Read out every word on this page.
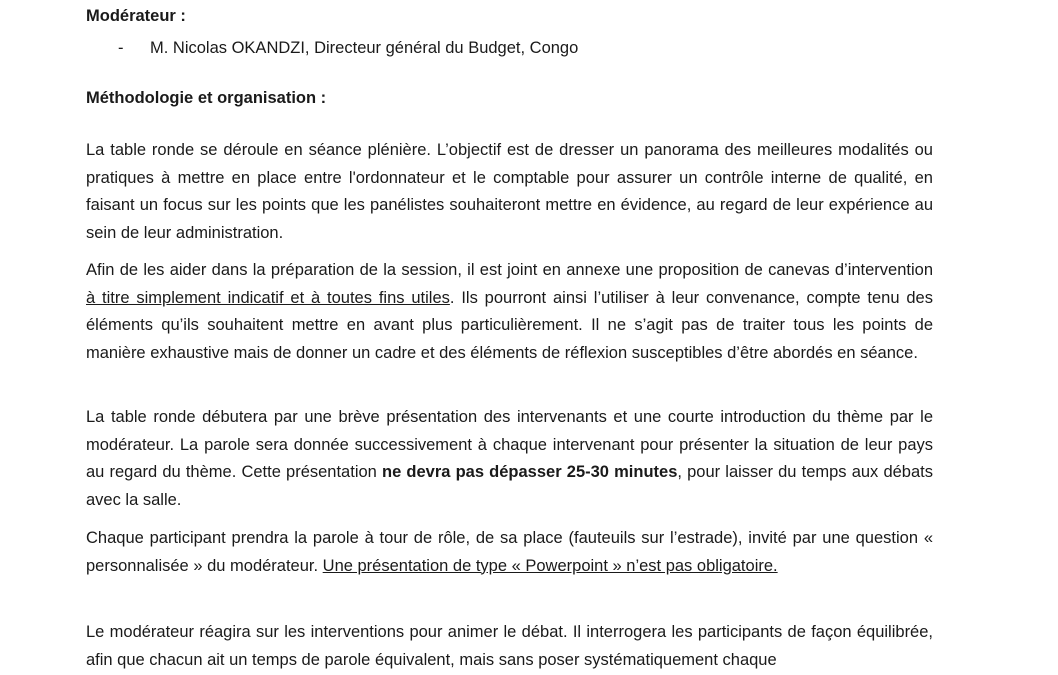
Modérateur :
- M. Nicolas OKANDZI, Directeur général du Budget, Congo
Méthodologie et organisation :

La table ronde se déroule en séance plénière. L’objectif est de dresser un panorama des meilleures modalités ou pratiques à mettre en place entre l'ordonnateur et le comptable pour assurer un contrôle interne de qualité, en faisant un focus sur les points que les panélistes souhaiteront mettre en évidence, au regard de leur expérience au sein de leur administration.

Afin de les aider dans la préparation de la session, il est joint en annexe une proposition de canevas d’intervention à titre simplement indicatif et à toutes fins utiles. Ils pourront ainsi l’utiliser à leur convenance, compte tenu des éléments qu’ils souhaitent mettre en avant plus particulièrement. Il ne s’agit pas de traiter tous les points de manière exhaustive mais de donner un cadre et des éléments de réflexion susceptibles d’être abordés en séance.

La table ronde débutera par une brève présentation des intervenants et une courte introduction du thème par le modérateur. La parole sera donnée successivement à chaque intervenant pour présenter la situation de leur pays au regard du thème. Cette présentation ne devra pas dépasser 25-30 minutes, pour laisser du temps aux débats avec la salle.

Chaque participant prendra la parole à tour de rôle, de sa place (fauteuils sur l’estrade), invité par une question « personnalisée » du modérateur. Une présentation de type « Powerpoint » n’est pas obligatoire.

Le modérateur réagira sur les interventions pour animer le débat. Il interrogera les participants de façon équilibrée, afin que chacun ait un temps de parole équivalent, mais sans poser systématiquement chaque
